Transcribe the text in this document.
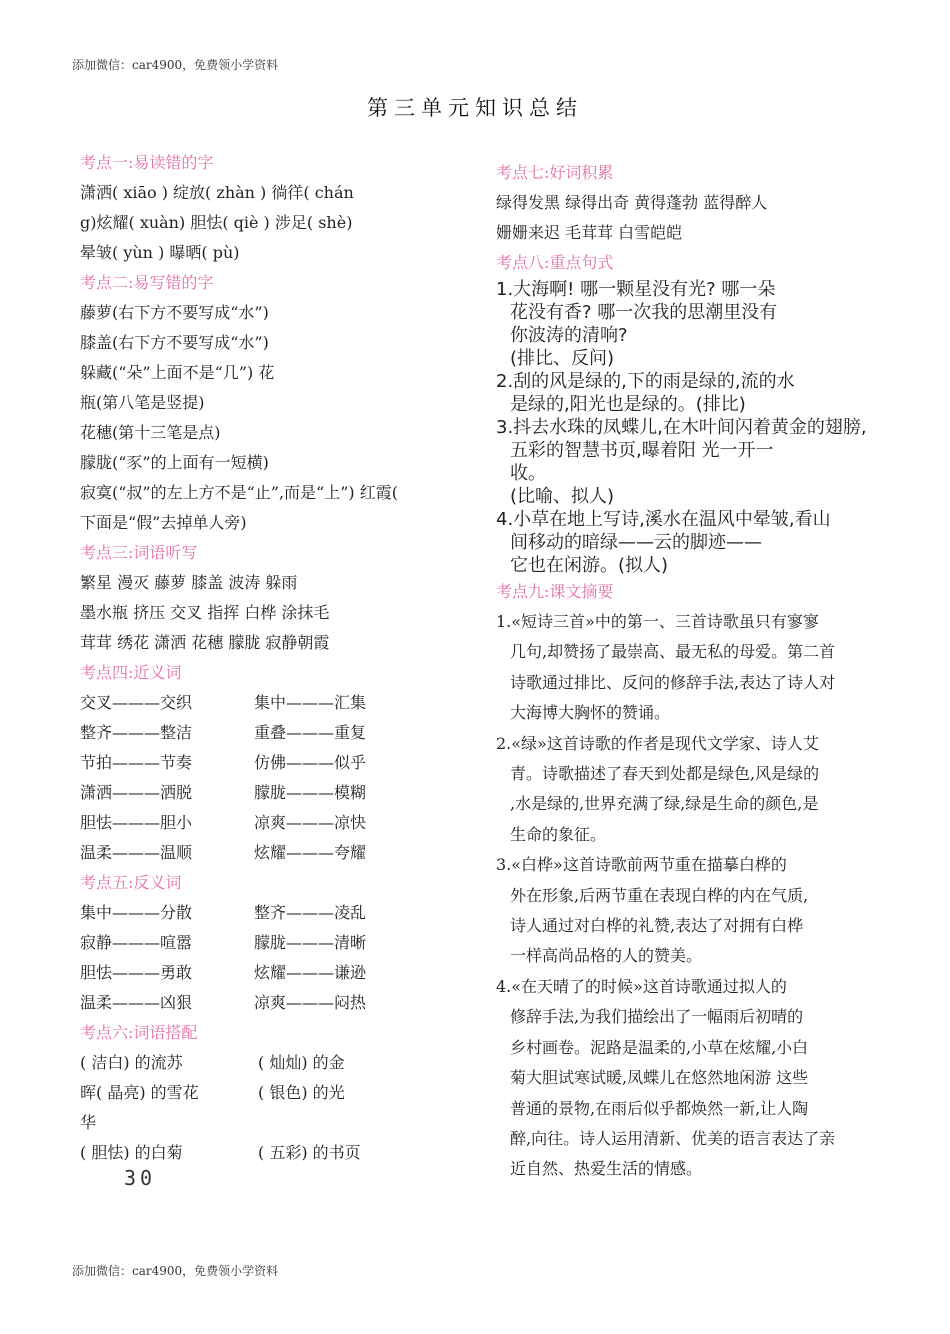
添加微信：car4900，免费领小学资料
第三单元知识总结
考点一:易读错的字
潇洒( xiāo ) 绽放( zhàn ) 徜徉( chán
g)炫耀( xuàn) 胆怯( qiè ) 涉足( shè)
晕皱( yùn ) 曝晒( pù)
考点二:易写错的字
藤萝(右下方不要写成“水”)
膝盖(右下方不要写成“水”)
躲藏(“朵”上面不是“几”) 花
瓶(第八笔是竖提)
花穗(第十三笔是点)
朦胧(“豕”的上面有一短横)
寂寞(“叔”的左上方不是“止”,而是“上”) 红霞(
下面是“假”去掉单人旁)
考点三:词语听写
繁星 漫灭 藤萝 膝盖 波涛 躲雨
墨水瓶 挤压 交叉 指挥 白桦 涂抹毛
茸茸 绣花 潇洒 花穗 朦胧 寂静朝霞
考点四:近义词
交叉———交织	集中———汇集
整齐———整洁	重叠———重复
节拍———节奏	仿佛———似乎
潇洒———洒脱	朦胧———模糊
胆怯———胆小	凉爽———凉快
温柔———温顺	炫耀———夸耀
考点五:反义词
集中———分散	整齐———凌乱
寂静———喧嚣	朦胧———清晰
胆怯———勇敢	炫耀———谦逊
温柔———凶狠	凉爽———闷热
考点六:词语搭配
( 洁白) 的流苏	( 灿灿) 的金
晖( 晶亮) 的雪花	( 银色) 的光
华
( 胆怯) 的白菊	( 五彩) 的书页
考点七:好词积累
绿得发黑 绿得出奇 黄得蓬勃 蓝得醉人
姗姗来迟 毛茸茸 白雪皑皑
考点八:重点句式
1.大海啊! 哪一颗星没有光? 哪一朵
花没有香? 哪一次我的思潮里没有
你波涛的清响?
(排比、反问)
2.刮的风是绿的,下的雨是绿的,流的水
是绿的,阳光也是绿的。(排比)
3.抖去水珠的凤蝶儿,在木叶间闪着黄金的翅膀,
五彩的智慧书页,曝着阳 光一开一
收。
(比喻、拟人)
4.小草在地上写诗,溪水在温风中晕皱,看山
间移动的暗绿——云的脚迹——
它也在闲游。(拟人)
考点九:课文摘要
1.«短诗三首»中的第一、三首诗歌虽只有寥寥
几句,却赞扬了最崇高、最无私的母爱。第二首
诗歌通过排比、反问的修辞手法,表达了诗人对
大海博大胸怀的赞诵。
2.«绿»这首诗歌的作者是现代文学家、诗人艾
青。诗歌描述了春天到处都是绿色,风是绿的
,水是绿的,世界充满了绿,绿是生命的颜色,是
生命的象征。
3.«白桦»这首诗歌前两节重在描摹白桦的
外在形象,后两节重在表现白桦的内在气质,
诗人通过对白桦的礼赞,表达了对拥有白桦
一样高尚品格的人的赞美。
4.«在天晴了的时候»这首诗歌通过拟人的
修辞手法,为我们描绘出了一幅雨后初晴的
乡村画卷。泥路是温柔的,小草在炫耀,小白
菊大胆试寒试暖,凤蝶儿在悠然地闲游 这些
普通的景物,在雨后似乎都焕然一新,让人陶
醉,向往。诗人运用清新、优美的语言表达了亲
近自然、热爱生活的情感。
30
添加微信：car4900，免费领小学资料
